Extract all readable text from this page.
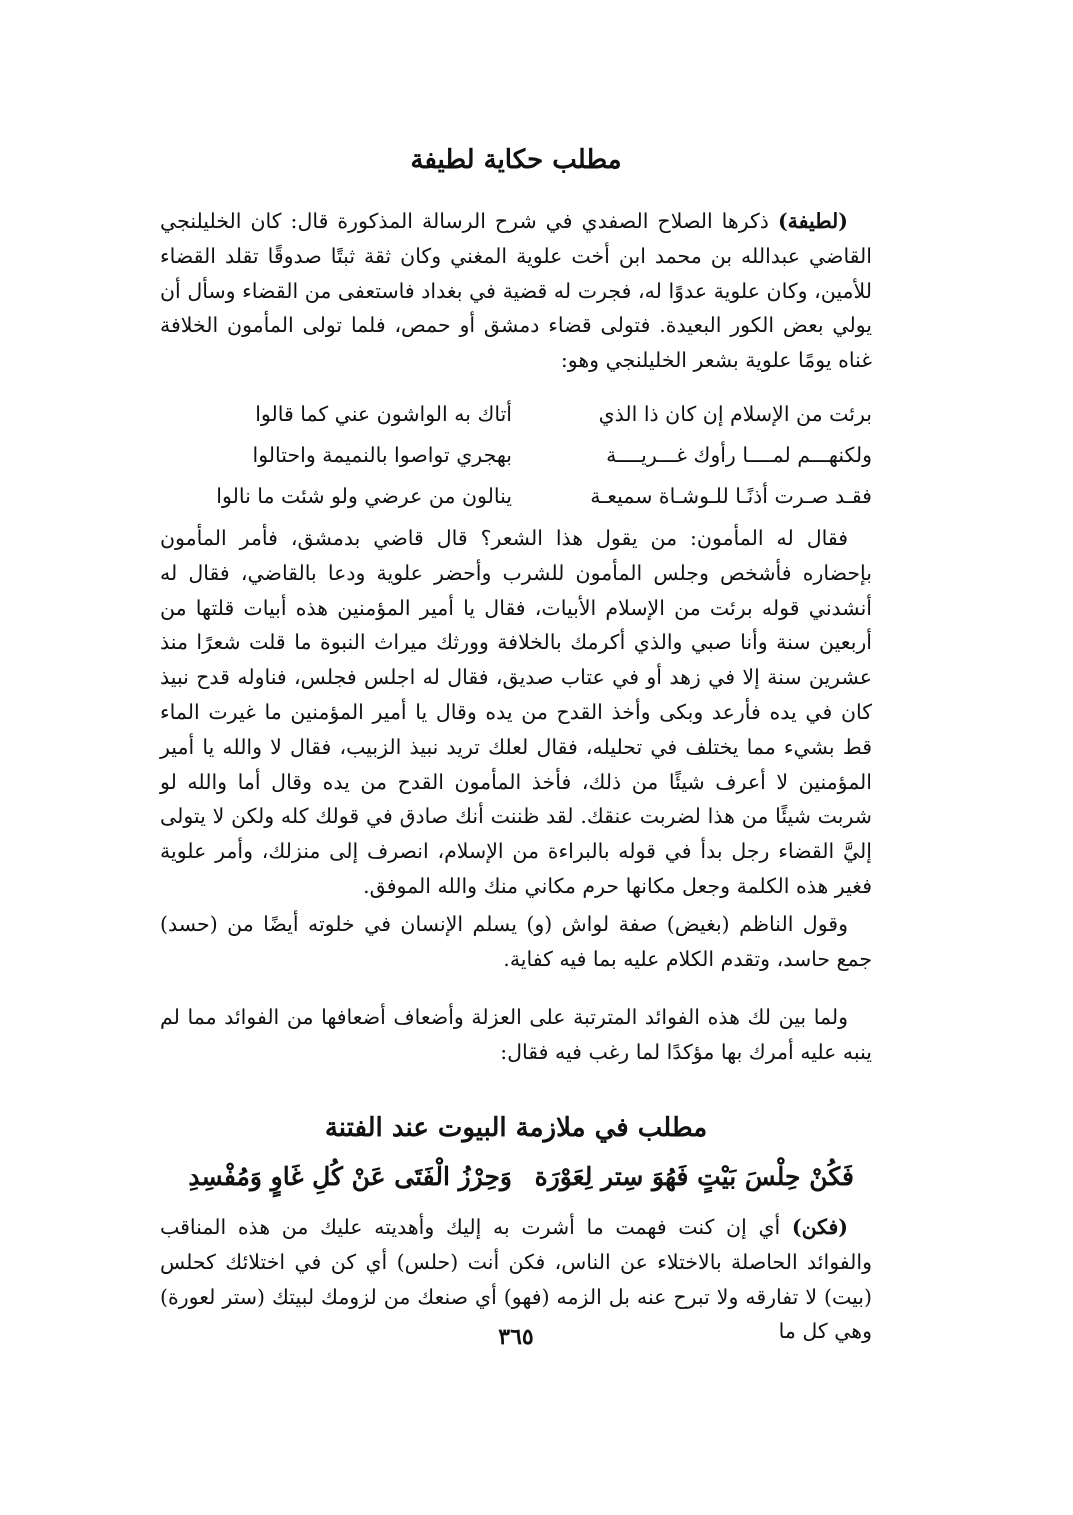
مطلب حكاية لطيفة
(لطيفة) ذكرها الصلاح الصفدي في شرح الرسالة المذكورة قال: كان الخليلنجي القاضي عبدالله بن محمد ابن أخت علوية المغني وكان ثقة ثبتًا صدوقًا تقلد القضاء للأمين، وكان علوية عدوًا له، فجرت له قضية في بغداد فاستعفى من القضاء وسأل أن يولي بعض الكور البعيدة. فتولى قضاء دمشق أو حمص، فلما تولى المأمون الخلافة غناه يومًا علوية بشعر الخليلنجي وهو:
برئت من الإسلام إن كان ذا الذي
أتاك به الواشون عني كما قالوا
ولكنهـــم لمــــا رأوك غـــريــــة
بهجري تواصوا بالنميمة واحتالوا
فقـد صـرت أذنًـا للـوشـاة سميعـة
ينالون من عرضي ولو شئت ما نالوا
فقال له المأمون: من يقول هذا الشعر؟ قال قاضي بدمشق، فأمر المأمون بإحضاره فأشخص وجلس المأمون للشرب وأحضر علوية ودعا بالقاضي، فقال له أنشدني قوله برئت من الإسلام الأبيات، فقال يا أمير المؤمنين هذه أبيات قلتها من أربعين سنة وأنا صبي والذي أكرمك بالخلافة وورثك ميراث النبوة ما قلت شعرًا منذ عشرين سنة إلا في زهد أو في عتاب صديق، فقال له اجلس فجلس، فناوله قدح نبيذ كان في يده فأرعد وبكى وأخذ القدح من يده وقال يا أمير المؤمنين ما غيرت الماء قط بشيء مما يختلف في تحليله، فقال لعلك تريد نبيذ الزبيب، فقال لا والله يا أمير المؤمنين لا أعرف شيئًا من ذلك، فأخذ المأمون القدح من يده وقال أما والله لو شربت شيئًا من هذا لضربت عنقك. لقد ظننت أنك صادق في قولك كله ولكن لا يتولى إليَّ القضاء رجل بدأ في قوله بالبراءة من الإسلام، انصرف إلى منزلك، وأمر علوية فغير هذه الكلمة وجعل مكانها حرم مكاني منك والله الموفق.
وقول الناظم (بغيض) صفة لواش (و) يسلم الإنسان في خلوته أيضًا من (حسد) جمع حاسد، وتقدم الكلام عليه بما فيه كفاية.
ولما بين لك هذه الفوائد المترتبة على العزلة وأضعاف أضعافها من الفوائد مما لم ينبه عليه أمرك بها مؤكدًا لما رغب فيه فقال:
مطلب في ملازمة البيوت عند الفتنة
فَكُنْ حِلْسَ بَيْتٍ فَهُوَ سِتر لِعَوْرَة
وَحِرْزُ الْفَتَى عَنْ كُلِ غَاوٍ وَمُفْسِدِ
(فكن) أي إن كنت فهمت ما أشرت به إليك وأهديته عليك من هذه المناقب والفوائد الحاصلة بالاختلاء عن الناس، فكن أنت (حلس) أي كن في اختلائك كحلس (بيت) لا تفارقه ولا تبرح عنه بل الزمه (فهو) أي صنعك من لزومك لبيتك (ستر لعورة) وهي كل ما
٣٦٥
